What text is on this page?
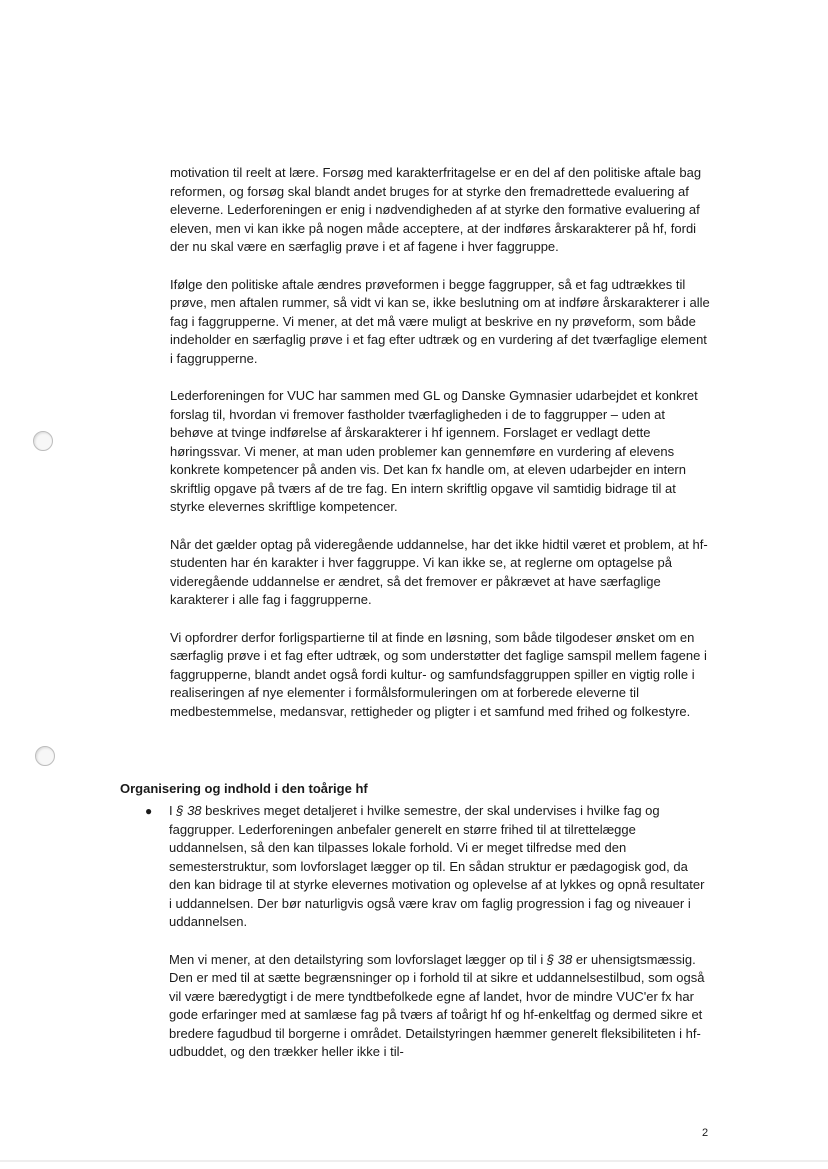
motivation til reelt at lære. Forsøg med karakterfritagelse er en del af den politiske aftale bag reformen, og forsøg skal blandt andet bruges for at styrke den fremadrettede evaluering af eleverne. Lederforeningen er enig i nødvendigheden af at styrke den formative evaluering af eleven, men vi kan ikke på nogen måde acceptere, at der indføres årskarakterer på hf, fordi der nu skal være en særfaglig prøve i et af fagene i hver faggruppe.

Ifølge den politiske aftale ændres prøveformen i begge faggrupper, så et fag udtrækkes til prøve, men aftalen rummer, så vidt vi kan se, ikke beslutning om at indføre årskarakterer i alle fag i faggrupperne. Vi mener, at det må være muligt at beskrive en ny prøveform, som både indeholder en særfaglig prøve i et fag efter udtræk og en vurdering af det tværfaglige element i faggrupperne.

Lederforeningen for VUC har sammen med GL og Danske Gymnasier udarbejdet et konkret forslag til, hvordan vi fremover fastholder tværfagligheden i de to faggrupper – uden at behøve at tvinge indførelse af årskarakterer i hf igennem. Forslaget er vedlagt dette høringssvar. Vi mener, at man uden problemer kan gennemføre en vurdering af elevens konkrete kompetencer på anden vis. Det kan fx handle om, at eleven udarbejder en intern skriftlig opgave på tværs af de tre fag. En intern skriftlig opgave vil samtidig bidrage til at styrke elevernes skriftlige kompetencer.

Når det gælder optag på videregående uddannelse, har det ikke hidtil været et problem, at hf-studenten har én karakter i hver faggruppe. Vi kan ikke se, at reglerne om optagelse på videregående uddannelse er ændret, så det fremover er påkrævet at have særfaglige karakterer i alle fag i faggrupperne.

Vi opfordrer derfor forligspartierne til at finde en løsning, som både tilgodeser ønsket om en særfaglig prøve i et fag efter udtræk, og som understøtter det faglige samspil mellem fagene i faggrupperne, blandt andet også fordi kultur- og samfundsfaggruppen spiller en vigtig rolle i realiseringen af nye elementer i formålsformuleringen om at forberede eleverne til medbestemmelse, medansvar, rettigheder og pligter i et samfund med frihed og folkestyre.

Organisering og indhold i den toårige hf
●	I § 38 beskrives meget detaljeret i hvilke semestre, der skal undervises i hvilke fag og faggrupper. Lederforeningen anbefaler generelt en større frihed til at tilrettelægge uddannelsen, så den kan tilpasses lokale forhold. Vi er meget tilfredse med den semesterstruktur, som lovforslaget lægger op til. En sådan struktur er pædagogisk god, da den kan bidrage til at styrke elevernes motivation og oplevelse af at lykkes og opnå resultater i uddannelsen. Der bør naturligvis også være krav om faglig progression i fag og niveauer i uddannelsen.

Men vi mener, at den detailstyring som lovforslaget lægger op til i § 38 er uhensigtsmæssig. Den er med til at sætte begrænsninger op i forhold til at sikre et uddannelsestilbud, som også vil være bæredygtigt i de mere tyndtbefolkede egne af landet, hvor de mindre VUC'er fx har gode erfaringer med at samlæse fag på tværs af toårigt hf og hf-enkeltfag og dermed sikre et bredere fagudbud til borgerne i området. Detailstyringen hæmmer generelt fleksibiliteten i hf-udbuddet, og den trækker heller ikke i til-

2
